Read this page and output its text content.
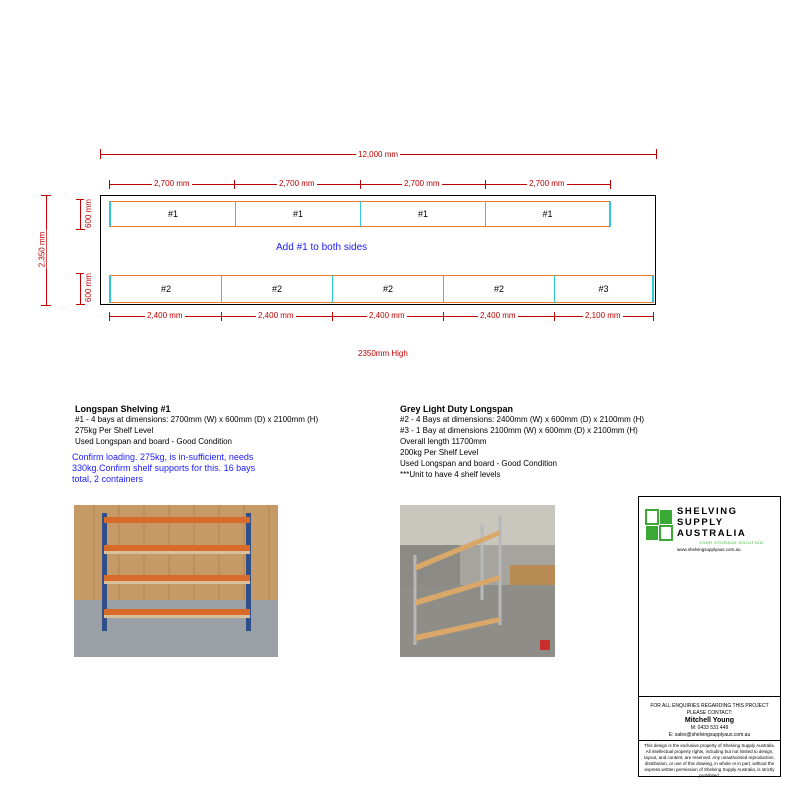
12,000 mm
2,700 mm	2,700 mm	2,700 mm	2,700 mm
#1	#1	#1	#1
Add #1 to both sides
#2	#2	#2	#2	#3
2,400 mm	2,400 mm	2,400 mm	2,400 mm	2,100 mm
2,350 mm
600 mm
600 mm
2350mm High
Longspan Shelving #1
#1 - 4 bays at dimensions: 2700mm (W) x 600mm (D) x 2100mm (H)
275kg Per Shelf Level
Used Longspan and board - Good Condition
Confirm loading. 275kg, is in-sufficient, needs 330kg.Confirm shelf supports for this. 16 bays total, 2 containers
Grey Light Duty Longspan
#2 - 4 Bays at dimensions: 2400mm (W) x 600mm (D) x 2100mm (H)
#3 - 1 Bay at dimensions 2100mm (W) x 600mm (D) x 2100mm (H)
Overall length 11700mm
200kg Per Shelf Level
Used Longspan and board - Good Condition
***Unit to have 4 shelf levels
SHELVING
SUPPLY
AUSTRALIA
YOUR STORAGE SOLUTION
www.shelvingsupplyaus.com.au
FOR ALL ENQUIRIES REGARDING THIS PROJECT
PLEASE CONTACT:
Mitchell Young
M: 0433 531 449
E: sales@shelvingsupplyaus.com.au
This design is the exclusive property of Shelving Supply Australia. All intellectual property rights, including but not limited to design, layout, and content, are reserved. Any unauthorised reproduction, distribution, or use of this drawing, in whole or in part, without the express written permission of Shelving Supply Australia, is strictly prohibited.
